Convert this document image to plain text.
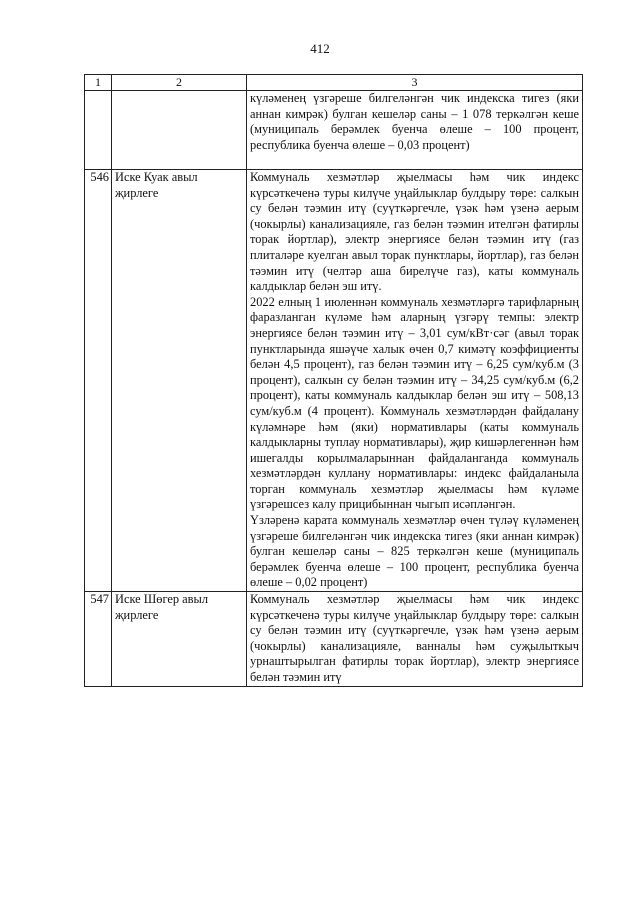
412
1	2	3

		күләменең үзгәреше билгеләнгән чик индекска тигез (яки аннан кимрәк) булган кешеләр саны – 1 078 теркәлгән кеше (муниципаль берәмлек буенча өлеше – 100 процент, республика буенча өлеше – 0,03 процент)

546	Иске Куак авыл җирлеге	Коммуналь хезмәтләр җыелмасы һәм чик индекс күрсәткеченә туры килүче уңайлыклар булдыру төре: салкын су белән тәэмин итү (суүткәргечле, үзәк һәм үзенә аерым (чокырлы) канализацияле, газ белән тәэмин ителгән фатирлы торак йортлар), электр энергиясе белән тәэмин итү (газ плиталәре куелган авыл торак пунктлары, йортлар), газ белән тәэмин итү (челтәр аша бирелүче газ), каты коммуналь калдыклар белән эш итү.
2022 елның 1 июленнән коммуналь хезмәтләргә тарифларның фаразланган күләме һәм аларның үзгәрү темпы: электр энергиясе белән тәэмин итү – 3,01 сум/кВт·сәг (авыл торак пунктларында яшәүче халык өчен 0,7 кимәтү коэффициенты белән 4,5 процент), газ белән тәэмин итү – 6,25 сум/куб.м (3 процент), салкын су белән тәэмин итү – 34,25 сум/куб.м (6,2 процент), каты коммуналь калдыклар белән эш итү – 508,13 сум/куб.м (4 процент). Коммуналь хезмәтләрдән файдалану күләмнәре һәм (яки) нормативлары (каты коммуналь калдыкларны туплау нормативлары), җир кишәрлегеннән һәм ишегалды корылмаларыннан файдаланганда коммуналь хезмәтләрдән куллану нормативлары: индекс файдаланыла торган коммуналь хезмәтләр җыелмасы һәм күләме үзгәрешсез калу прицибыннан чыгып исәпләнгән.
Үзләренә карата коммуналь хезмәтләр өчен түләү күләменең үзгәреше билгеләнгән чик индекска тигез (яки аннан кимрәк) булган кешеләр саны – 825 теркәлгән кеше (муниципаль берәмлек буенча өлеше – 100 процент, республика буенча өлеше – 0,02 процент)

547	Иске Шөгер авыл җирлеге	Коммуналь хезмәтләр җыелмасы һәм чик индекс күрсәткеченә туры килүче уңайлыклар булдыру төре: салкын су белән тәэмин итү (суүткәргечле, үзәк һәм үзенә аерым (чокырлы) канализацияле, ванналы һәм суҗылыткыч урнаштырылган фатирлы торак йортлар), электр энергиясе белән тәэмин итү
